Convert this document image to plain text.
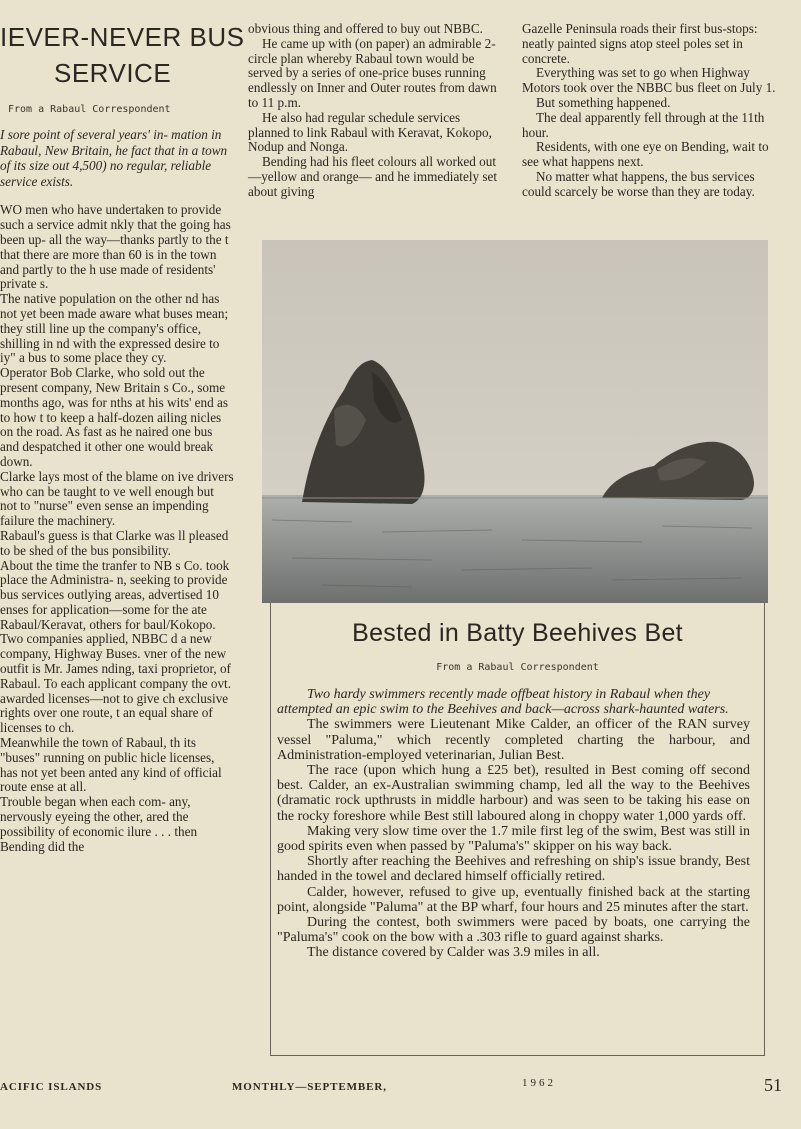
IEVER-NEVER BUS
SERVICE
From a Rabaul Correspondent

I sore point of several years' in- mation in Rabaul, New Britain, he fact that in a town of its size out 4,500) no regular, reliable service exists.

WO men who have undertaken to provide such a service admit nkly that the going has been up- all the way—thanks partly to the t that there are more than 60 is in the town and partly to the h use made of residents' private s.

The native population on the other nd has not yet been made aware what buses mean; they still line up the company's office, shilling in nd with the expressed desire to iy" a bus to some place they cy.

Operator Bob Clarke, who sold out the present company, New Britain s Co., some months ago, was for nths at his wits' end as to how t to keep a half-dozen ailing nicles on the road. As fast as he naired one bus and despatched it other one would break down.

Clarke lays most of the blame on ive drivers who can be taught to ve well enough but not to "nurse" even sense an impending failure the machinery.

Rabaul's guess is that Clarke was ll pleased to be shed of the bus ponsibility.

About the time the tranfer to NB s Co. took place the Administra- n, seeking to provide bus services outlying areas, advertised 10 enses for application—some for the ate Rabaul/Keravat, others for baul/Kokopo.

Two companies applied, NBBC d a new company, Highway Buses. vner of the new outfit is Mr. James nding, taxi proprietor, of Rabaul. To each applicant company the ovt. awarded licenses—not to give ch exclusive rights over one route, t an equal share of licenses to ch.

Meanwhile the town of Rabaul, th its "buses" running on public hicle licenses, has not yet been anted any kind of official route ense at all.

Trouble began when each com- any, nervously eyeing the other, ared the possibility of economic ilure . . . then Bending did the

obvious thing and offered to buy out NBBC.

He came up with (on paper) an admirable 2-circle plan whereby Rabaul town would be served by a series of one-price buses running endlessly on Inner and Outer routes from dawn to 11 p.m.

He also had regular schedule services planned to link Rabaul with Keravat, Kokopo, Nodup and Nonga.

Bending had his fleet colours all worked out—yellow and orange— and he immediately set about giving

Gazelle Peninsula roads their first bus-stops: neatly painted signs atop steel poles set in concrete.

Everything was set to go when Highway Motors took over the NBBC bus fleet on July 1.

But something happened.

The deal apparently fell through at the 11th hour.

Residents, with one eye on Bending, wait to see what happens next.

No matter what happens, the bus services could scarcely be worse than they are today.

Bested in Batty Beehives Bet
From a Rabaul Correspondent

Two hardy swimmers recently made offbeat history in Rabaul when they attempted an epic swim to the Beehives and back—across shark-haunted waters.

The swimmers were Lieutenant Mike Calder, an officer of the RAN survey vessel "Paluma," which recently completed charting the harbour, and Administration-employed veterinarian, Julian Best.

The race (upon which hung a £25 bet), resulted in Best coming off second best. Calder, an ex-Australian swimming champ, led all the way to the Beehives (dramatic rock upthrusts in middle harbour) and was seen to be taking his ease on the rocky foreshore while Best still laboured along in choppy water 1,000 yards off.

Making very slow time over the 1.7 mile first leg of the swim, Best was still in good spirits even when passed by "Paluma's" skipper on his way back.

Shortly after reaching the Beehives and refreshing on ship's issue brandy, Best handed in the towel and declared himself officially retired.

Calder, however, refused to give up, eventually finished back at the starting point, alongside "Paluma" at the BP wharf, four hours and 25 minutes after the start.

During the contest, both swimmers were paced by boats, one carrying the "Paluma's" cook on the bow with a .303 rifle to guard against sharks.

The distance covered by Calder was 3.9 miles in all.

ACIFIC ISLANDS	MONTHLY—SEPTEMBER,	1962	51
